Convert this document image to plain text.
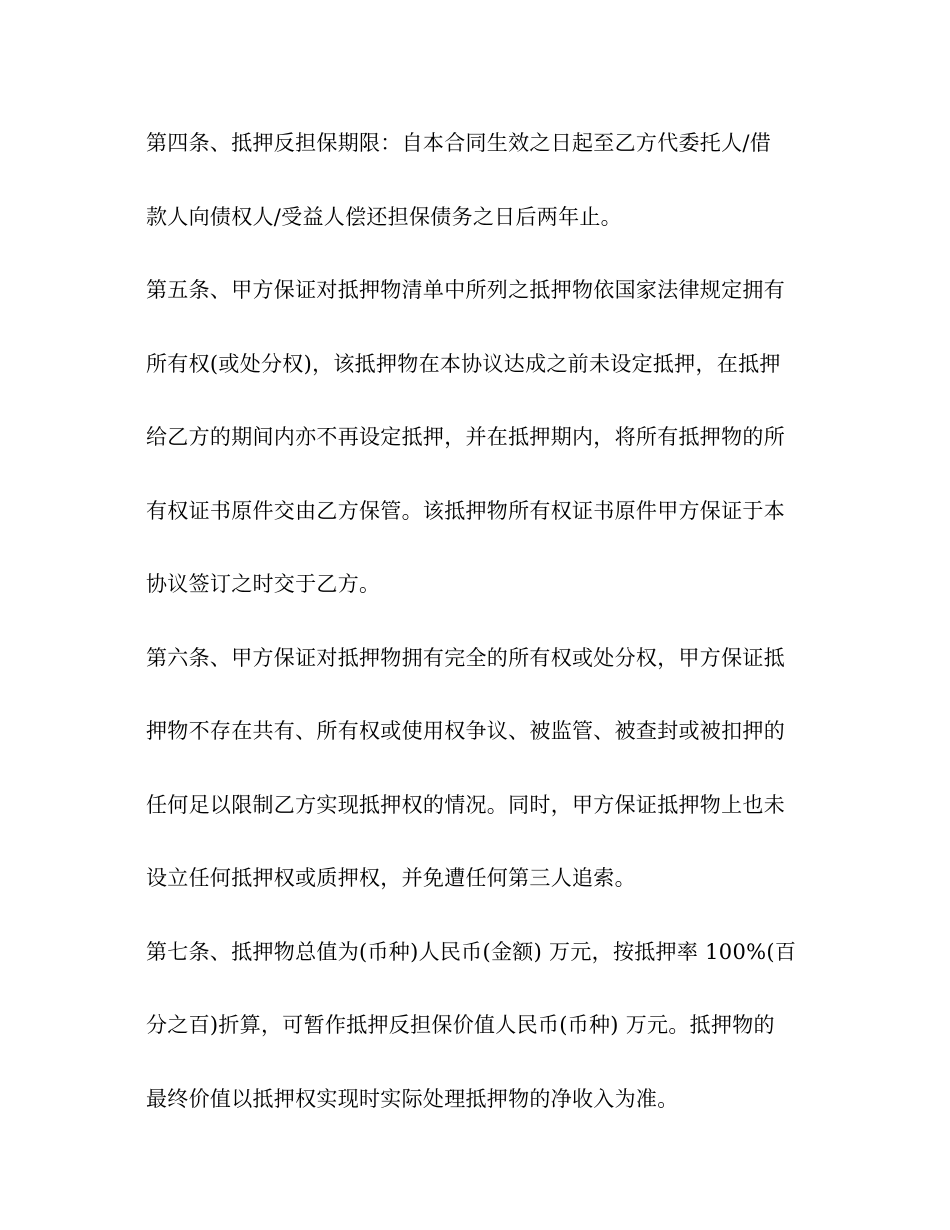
第四条、抵押反担保期限：自本合同生效之日起至乙方代委托人/借
款人向债权人/受益人偿还担保债务之日后两年止。
第五条、甲方保证对抵押物清单中所列之抵押物依国家法律规定拥有
所有权(或处分权)，该抵押物在本协议达成之前未设定抵押，在抵押
给乙方的期间内亦不再设定抵押，并在抵押期内，将所有抵押物的所
有权证书原件交由乙方保管。该抵押物所有权证书原件甲方保证于本
协议签订之时交于乙方。
第六条、甲方保证对抵押物拥有完全的所有权或处分权，甲方保证抵
押物不存在共有、所有权或使用权争议、被监管、被查封或被扣押的
任何足以限制乙方实现抵押权的情况。同时，甲方保证抵押物上也未
设立任何抵押权或质押权，并免遭任何第三人追索。
第七条、抵押物总值为(币种)人民币(金额) 万元，按抵押率 100%(百
分之百)折算，可暂作抵押反担保价值人民币(币种) 万元。抵押物的
最终价值以抵押权实现时实际处理抵押物的净收入为准。
